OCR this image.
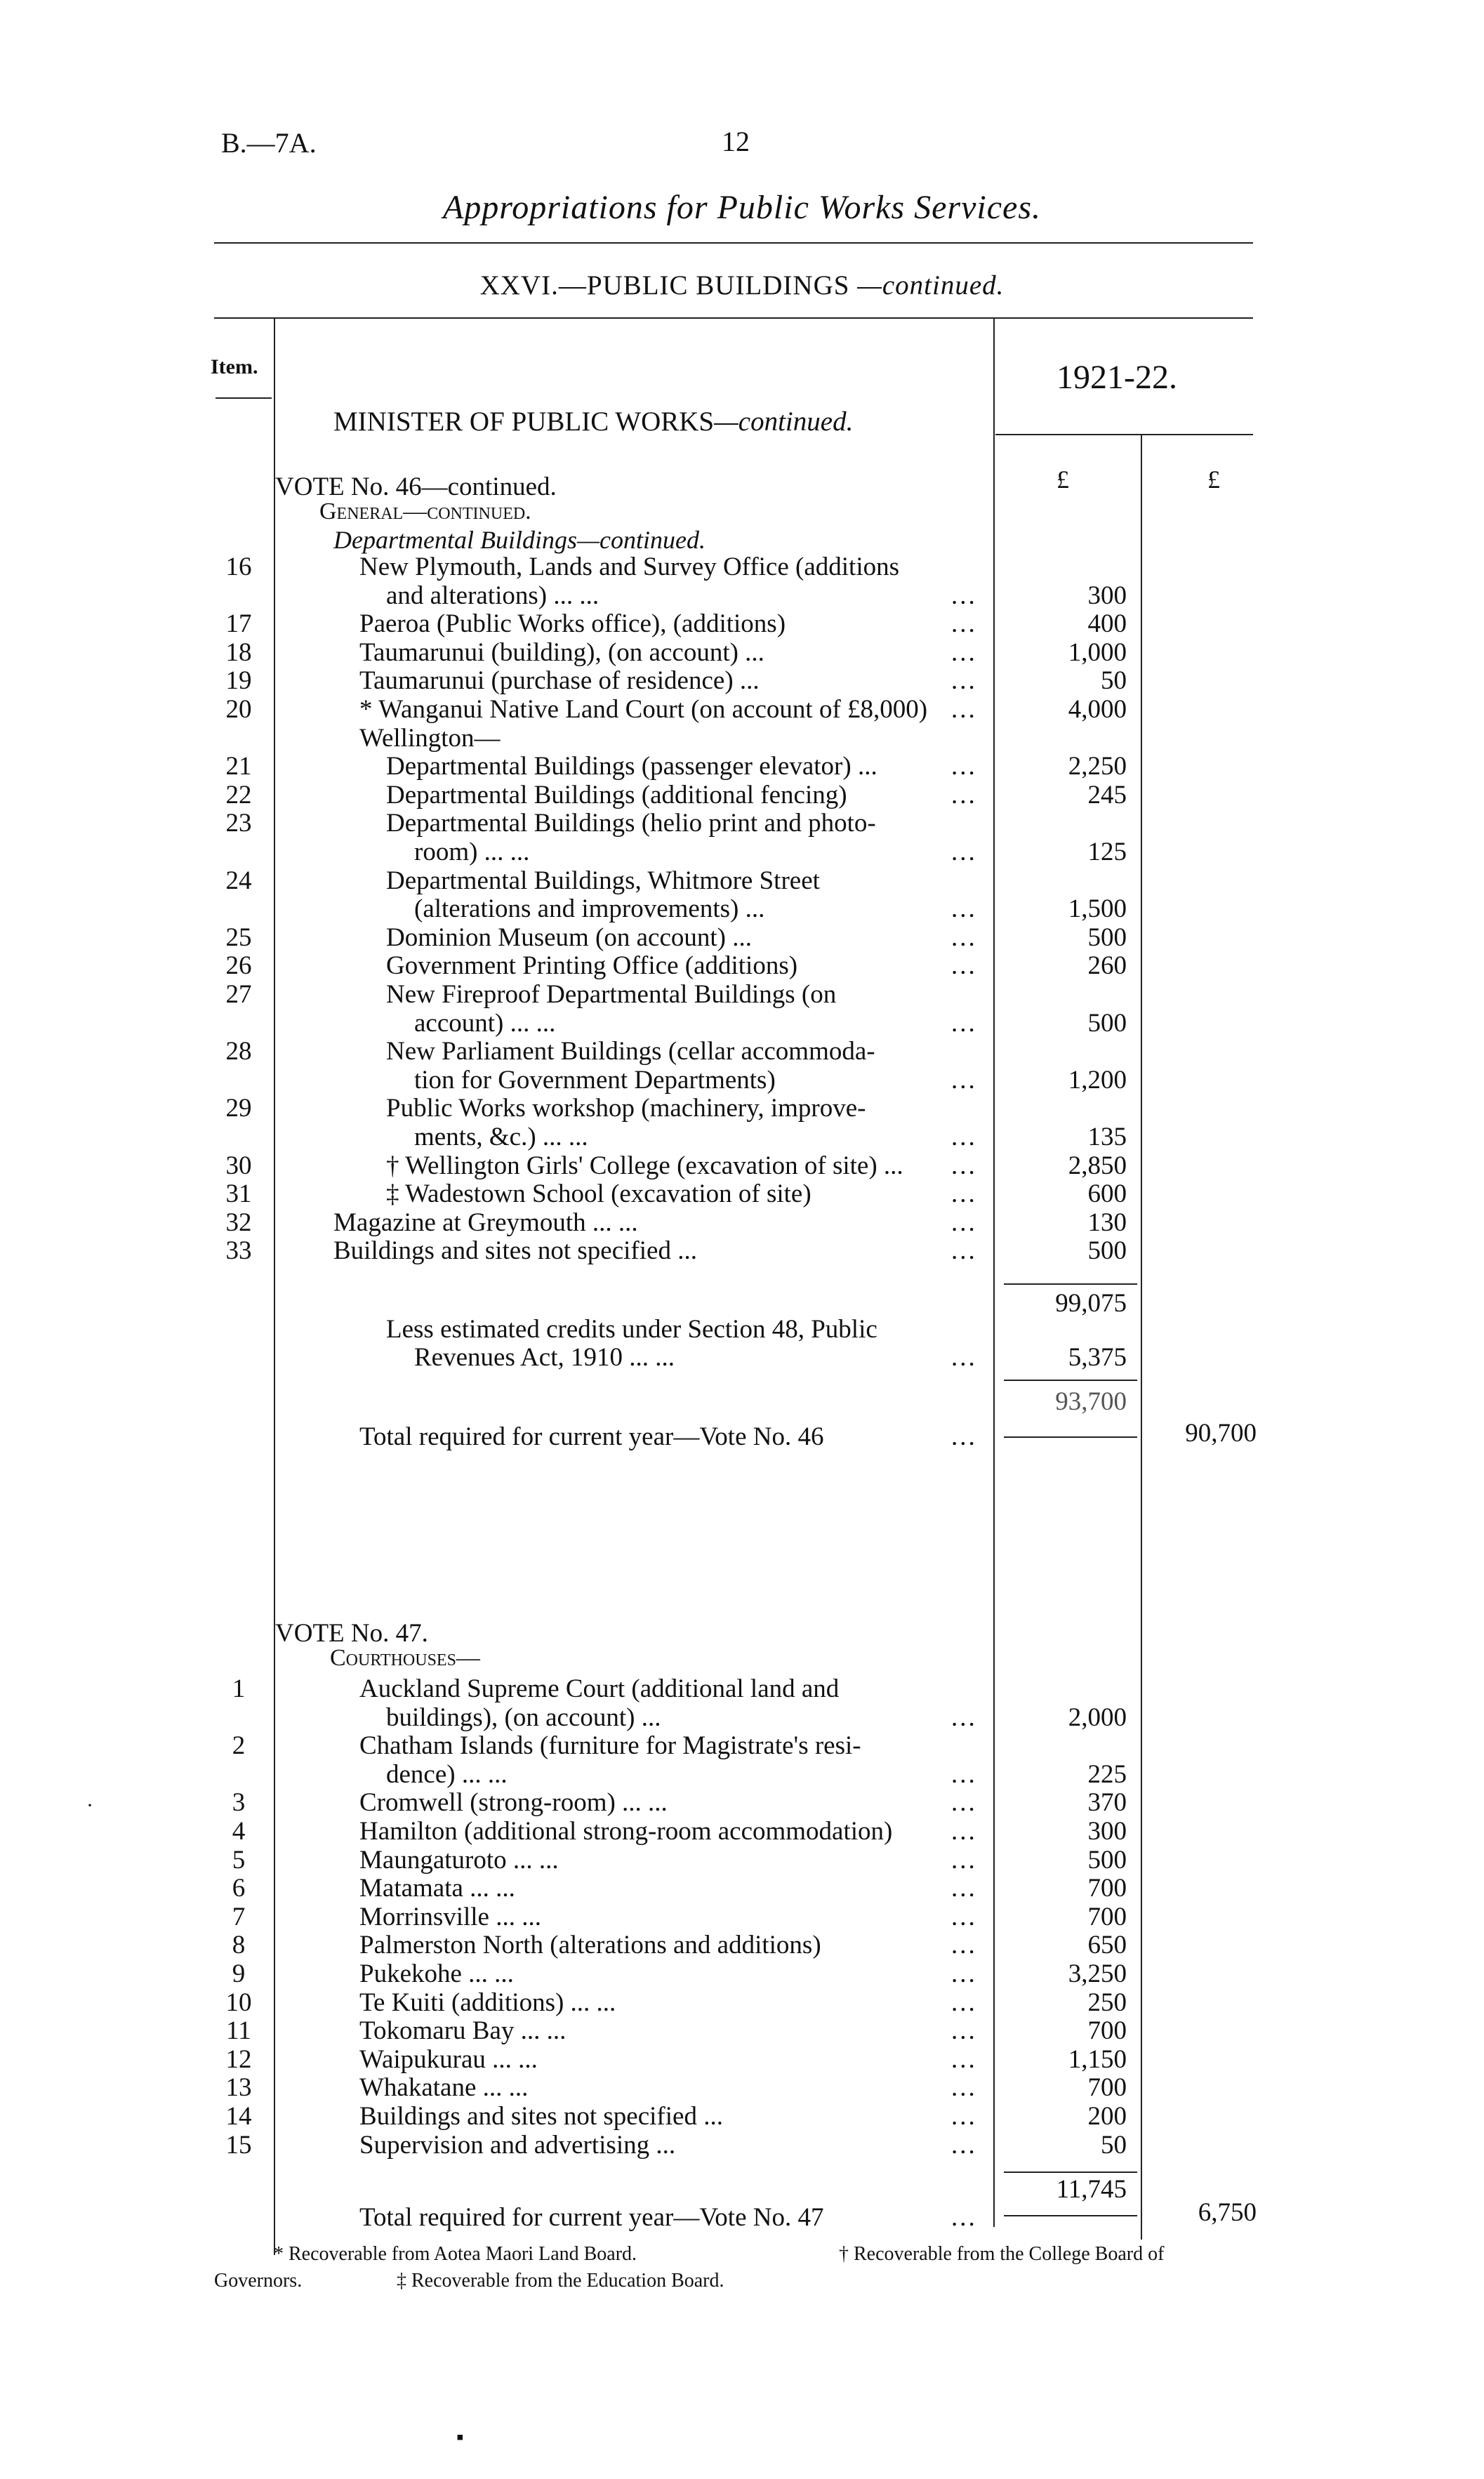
B.—7A.	12
Appropriations for Public Works Services.
XXVI.—PUBLIC BUILDINGS —continued.
Item.	1921-22.
MINISTER OF PUBLIC WORKS—continued.
£	£
VOTE No. 46—continued.
General—continued.
Departmental Buildings—continued.
16	New Plymouth, Lands and Survey Office (additions
and alterations) ... ...	...	300
17	Paeroa (Public Works office), (additions)	...	400
18	Taumarunui (building), (on account) ...	...	1,000
19	Taumarunui (purchase of residence) ...	...	50
20	* Wanganui Native Land Court (on account of £8,000) ...	4,000
Wellington—
21	Departmental Buildings (passenger elevator) ...	...	2,250
22	Departmental Buildings (additional fencing)	...	245
23	Departmental Buildings (helio print and photo-
room) ... ...	...	125
24	Departmental Buildings, Whitmore Street
(alterations and improvements) ...	...	1,500
25	Dominion Museum (on account) ...	...	500
26	Government Printing Office (additions)	...	260
27	New Fireproof Departmental Buildings (on
account) ... ...	...	500
28	New Parliament Buildings (cellar accommoda-
tion for Government Departments)	...	1,200
29	Public Works workshop (machinery, improve-
ments, &c.) ... ...	...	135
30	† Wellington Girls' College (excavation of site) ... ...	2,850
31	‡ Wadestown School (excavation of site)	...	600
32	Magazine at Greymouth ... ...	...	130
33	Buildings and sites not specified ...	...	500
99,075
Less estimated credits under Section 48, Public
Revenues Act, 1910 ... ...	...	5,375
93,700
Total required for current year—Vote No. 46	...	90,700
VOTE No. 47.
Courthouses—
1	Auckland Supreme Court (additional land and
buildings), (on account) ...	...	2,000
2	Chatham Islands (furniture for Magistrate's resi-
dence) ... ...	...	225
3	Cromwell (strong-room) ... ...	...	370
4	Hamilton (additional strong-room accommodation) ...	300
5	Maungaturoto ... ...	...	500
6	Matamata ... ...	...	700
7	Morrinsville ... ...	...	700
8	Palmerston North (alterations and additions)	...	650
9	Pukekohe ... ...	...	3,250
10	Te Kuiti (additions) ... ...	...	250
11	Tokomaru Bay ... ...	...	700
12	Waipukurau ... ...	...	1,150
13	Whakatane ... ...	...	700
14	Buildings and sites not specified ...	...	200
15	Supervision and advertising ...	...	50
11,745
Total required for current year—Vote No. 47	...	6,750
* Recoverable from Aotea Maori Land Board.	† Recoverable from the College Board of
Governors.	‡ Recoverable from the Education Board.
·
▪
